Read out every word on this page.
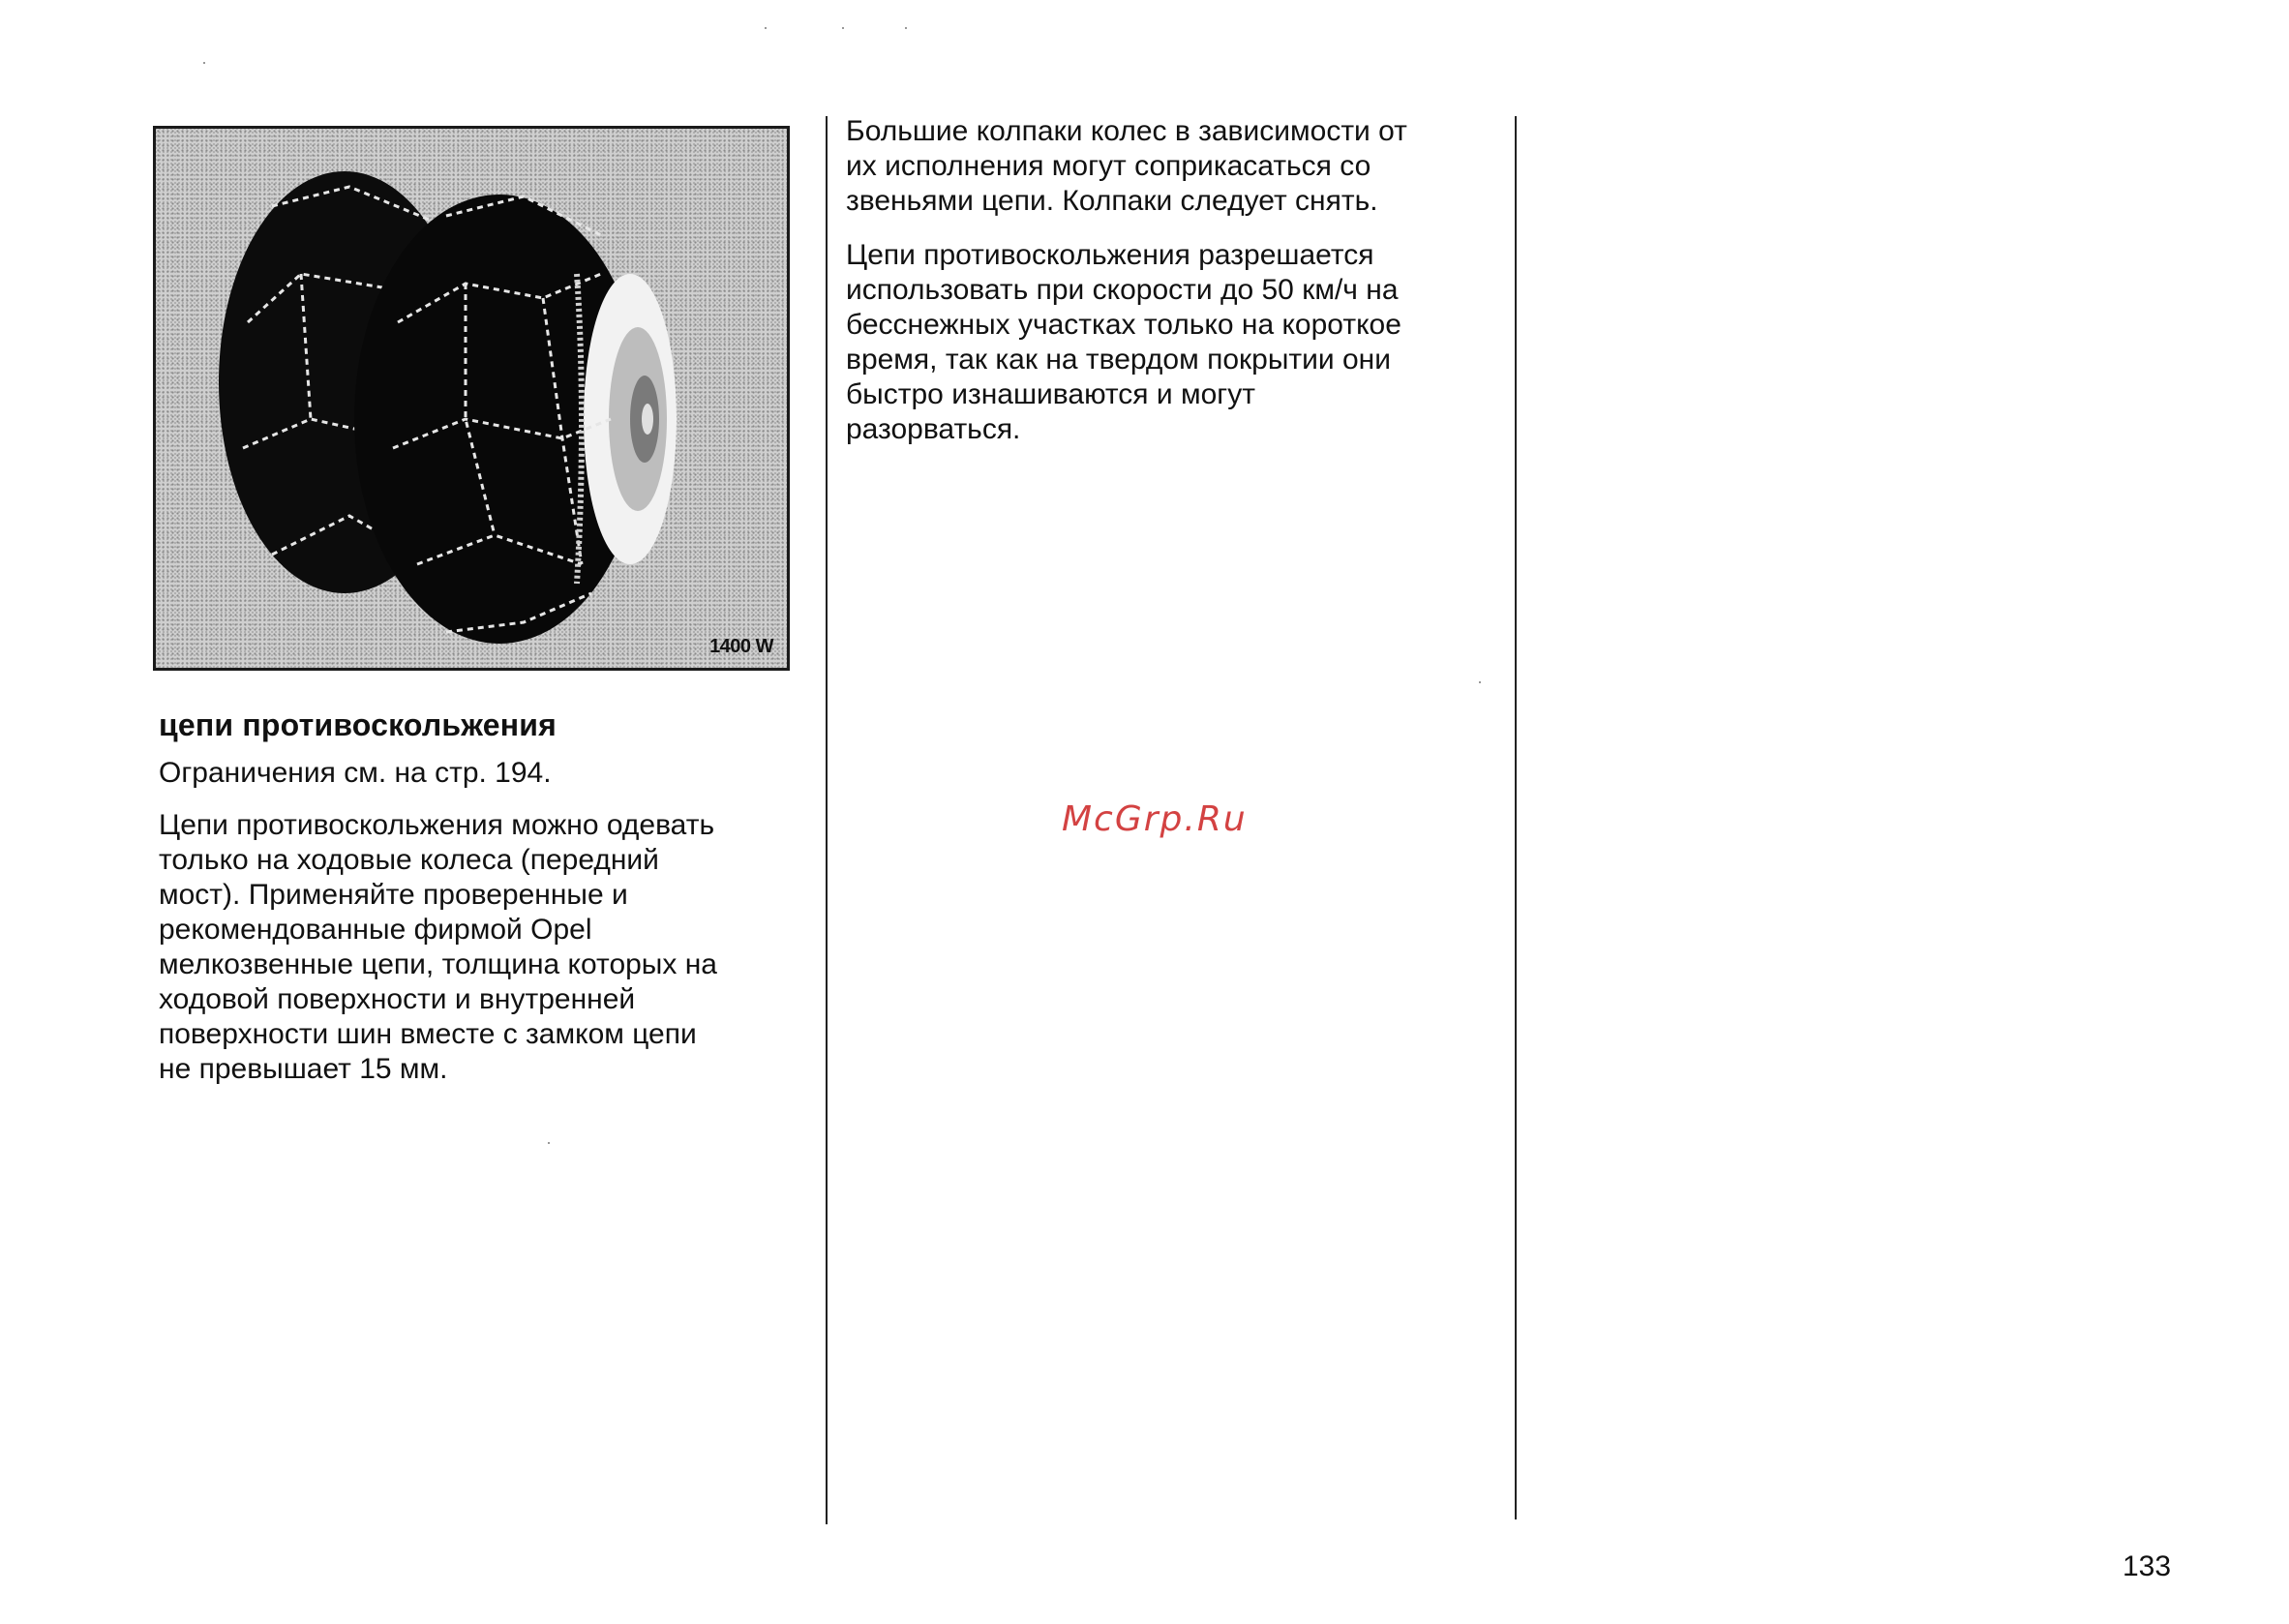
1400 W
цепи противоскольжения

Ограничения см. на стр. 194.

Цепи противоскольжения можно одевать
только на ходовые колеса (передний
мост). Применяйте проверенные и
рекомендованные фирмой Opel
мелкозвенные цепи, толщина которых на
ходовой поверхности и внутренней
поверхности шин вместе с замком цепи
не превышает 15 мм.

Большие колпаки колес в зависимости от
их исполнения могут соприкасаться со
звеньями цепи. Колпаки следует снять.

Цепи противоскольжения разрешается
использовать при скорости до 50 км/ч на
бесснежных участках только на короткое
время, так как на твердом покрытии они
быстро изнашиваются и могут
разорваться.

McGrp.Ru
133
